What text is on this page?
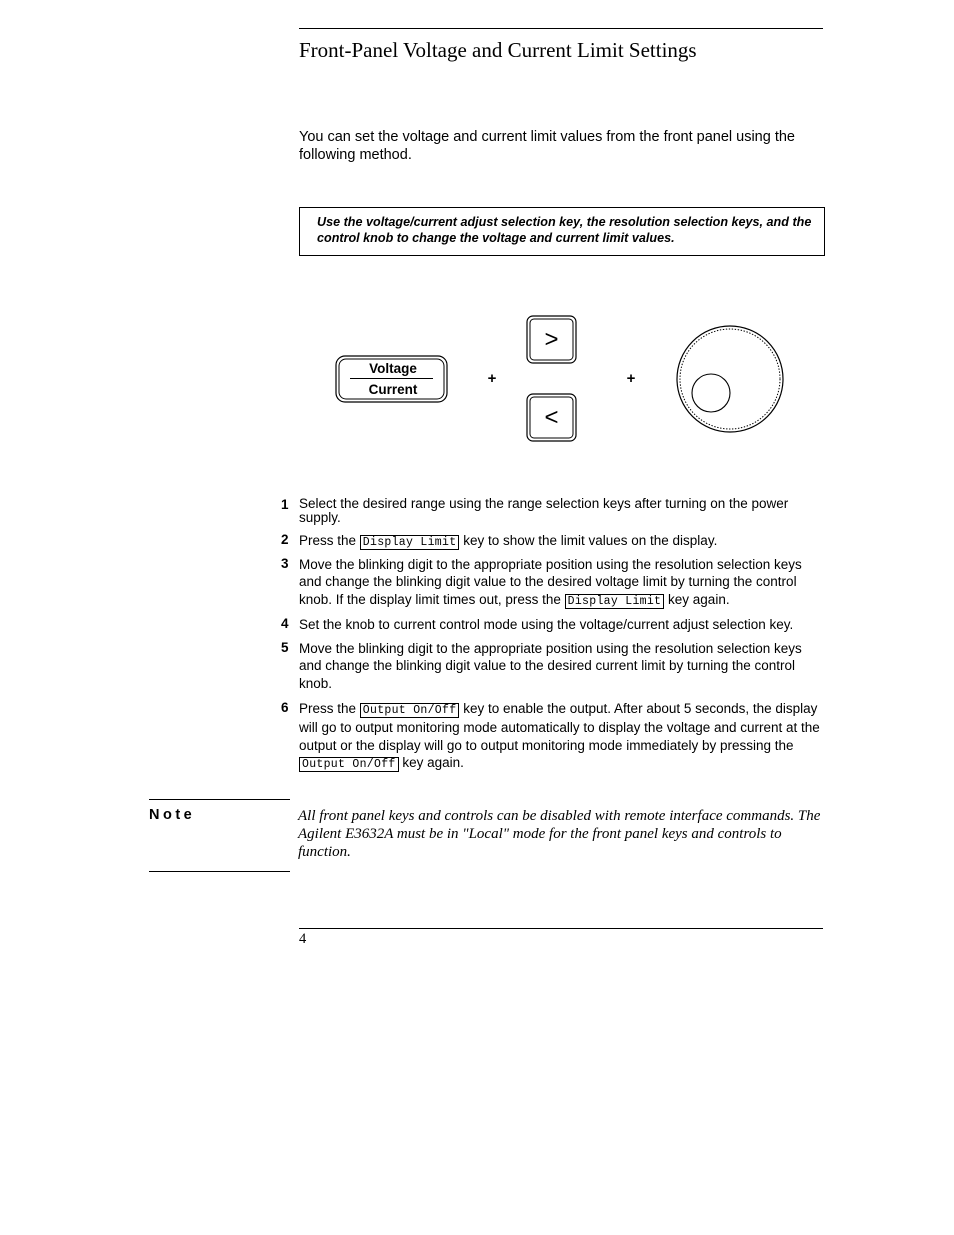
Front-Panel Voltage and Current Limit Settings
You can set the voltage and current limit values from the front panel using the following method.
Use the voltage/current adjust selection key, the resolution selection keys, and the control knob to change the voltage and current limit values.
Voltage
Current
+
>
<
+
1 Select the desired range using the range selection keys after turning on the power supply.
2 Press the Display Limit key to show the limit values on the display.
3 Move the blinking digit to the appropriate position using the resolution selection keys and change the blinking digit value to the desired voltage limit by turning the control knob. If the display limit times out, press the Display Limit key again.
4 Set the knob to current control mode using the voltage/current adjust selection key.
5 Move the blinking digit to the appropriate position using the resolution selection keys and change the blinking digit value to the desired current limit by turning the control knob.
6 Press the Output On/Off key to enable the output. After about 5 seconds, the display will go to output monitoring mode automatically to display the voltage and current at the output or the display will go to output monitoring mode immediately by pressing the Output On/Off key again.
Note	All front panel keys and controls can be disabled with remote interface commands. The Agilent E3632A must be in "Local" mode for the front panel keys and controls to function.
4
